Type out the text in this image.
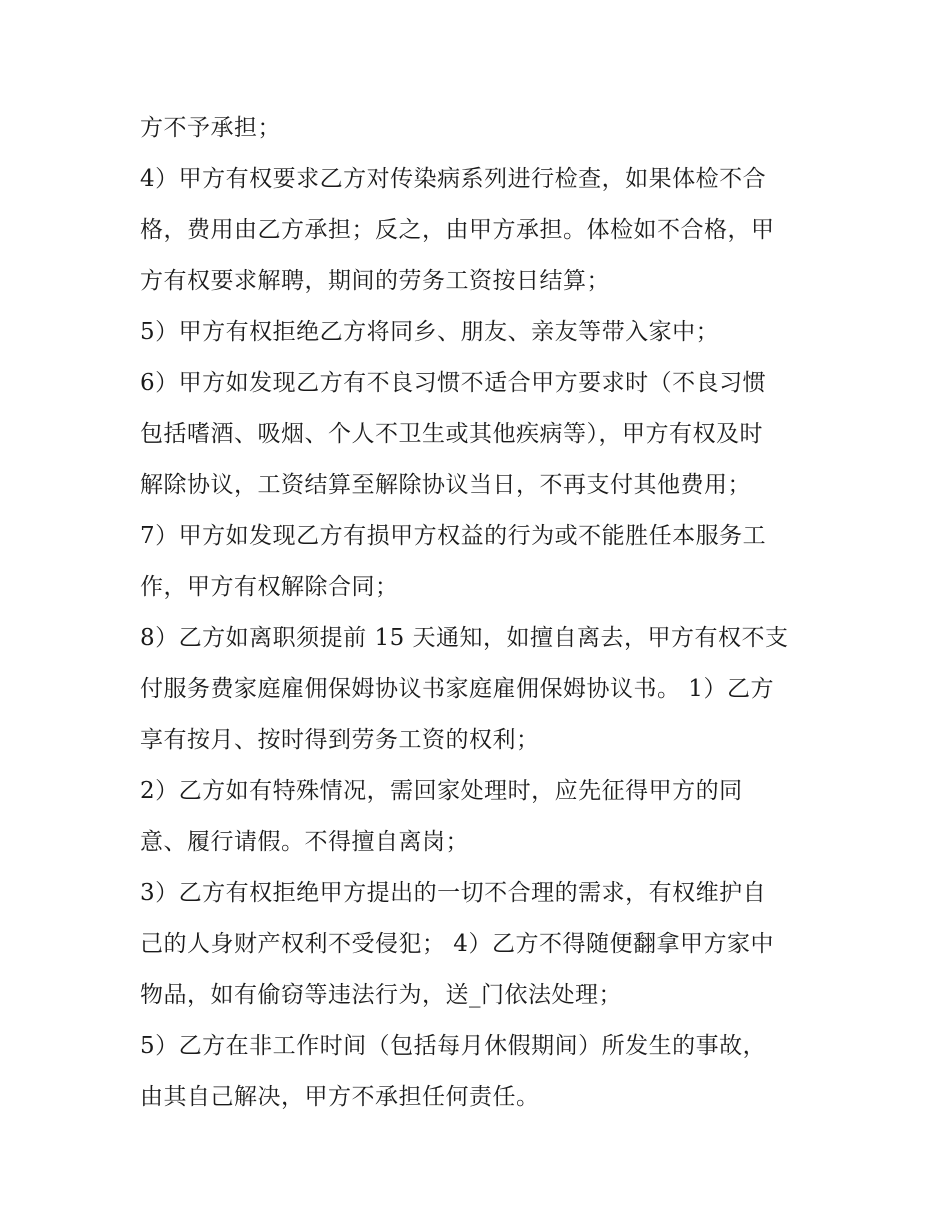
方不予承担；
4）甲方有权要求乙方对传染病系列进行检查，如果体检不合
格，费用由乙方承担；反之，由甲方承担。体检如不合格，甲
方有权要求解聘，期间的劳务工资按日结算；
5）甲方有权拒绝乙方将同乡、朋友、亲友等带入家中；
6）甲方如发现乙方有不良习惯不适合甲方要求时（不良习惯
包括嗜酒、吸烟、个人不卫生或其他疾病等），甲方有权及时
解除协议，工资结算至解除协议当日，不再支付其他费用；
7）甲方如发现乙方有损甲方权益的行为或不能胜任本服务工
作，甲方有权解除合同；
8）乙方如离职须提前 15 天通知，如擅自离去，甲方有权不支
付服务费家庭雇佣保姆协议书家庭雇佣保姆协议书。 1）乙方
享有按月、按时得到劳务工资的权利；
2）乙方如有特殊情况，需回家处理时，应先征得甲方的同
意、履行请假。不得擅自离岗；
3）乙方有权拒绝甲方提出的一切不合理的需求，有权维护自
己的人身财产权利不受侵犯； 4）乙方不得随便翻拿甲方家中
物品，如有偷窃等违法行为，送_门依法处理；
5）乙方在非工作时间（包括每月休假期间）所发生的事故，
由其自己解决，甲方不承担任何责任。
